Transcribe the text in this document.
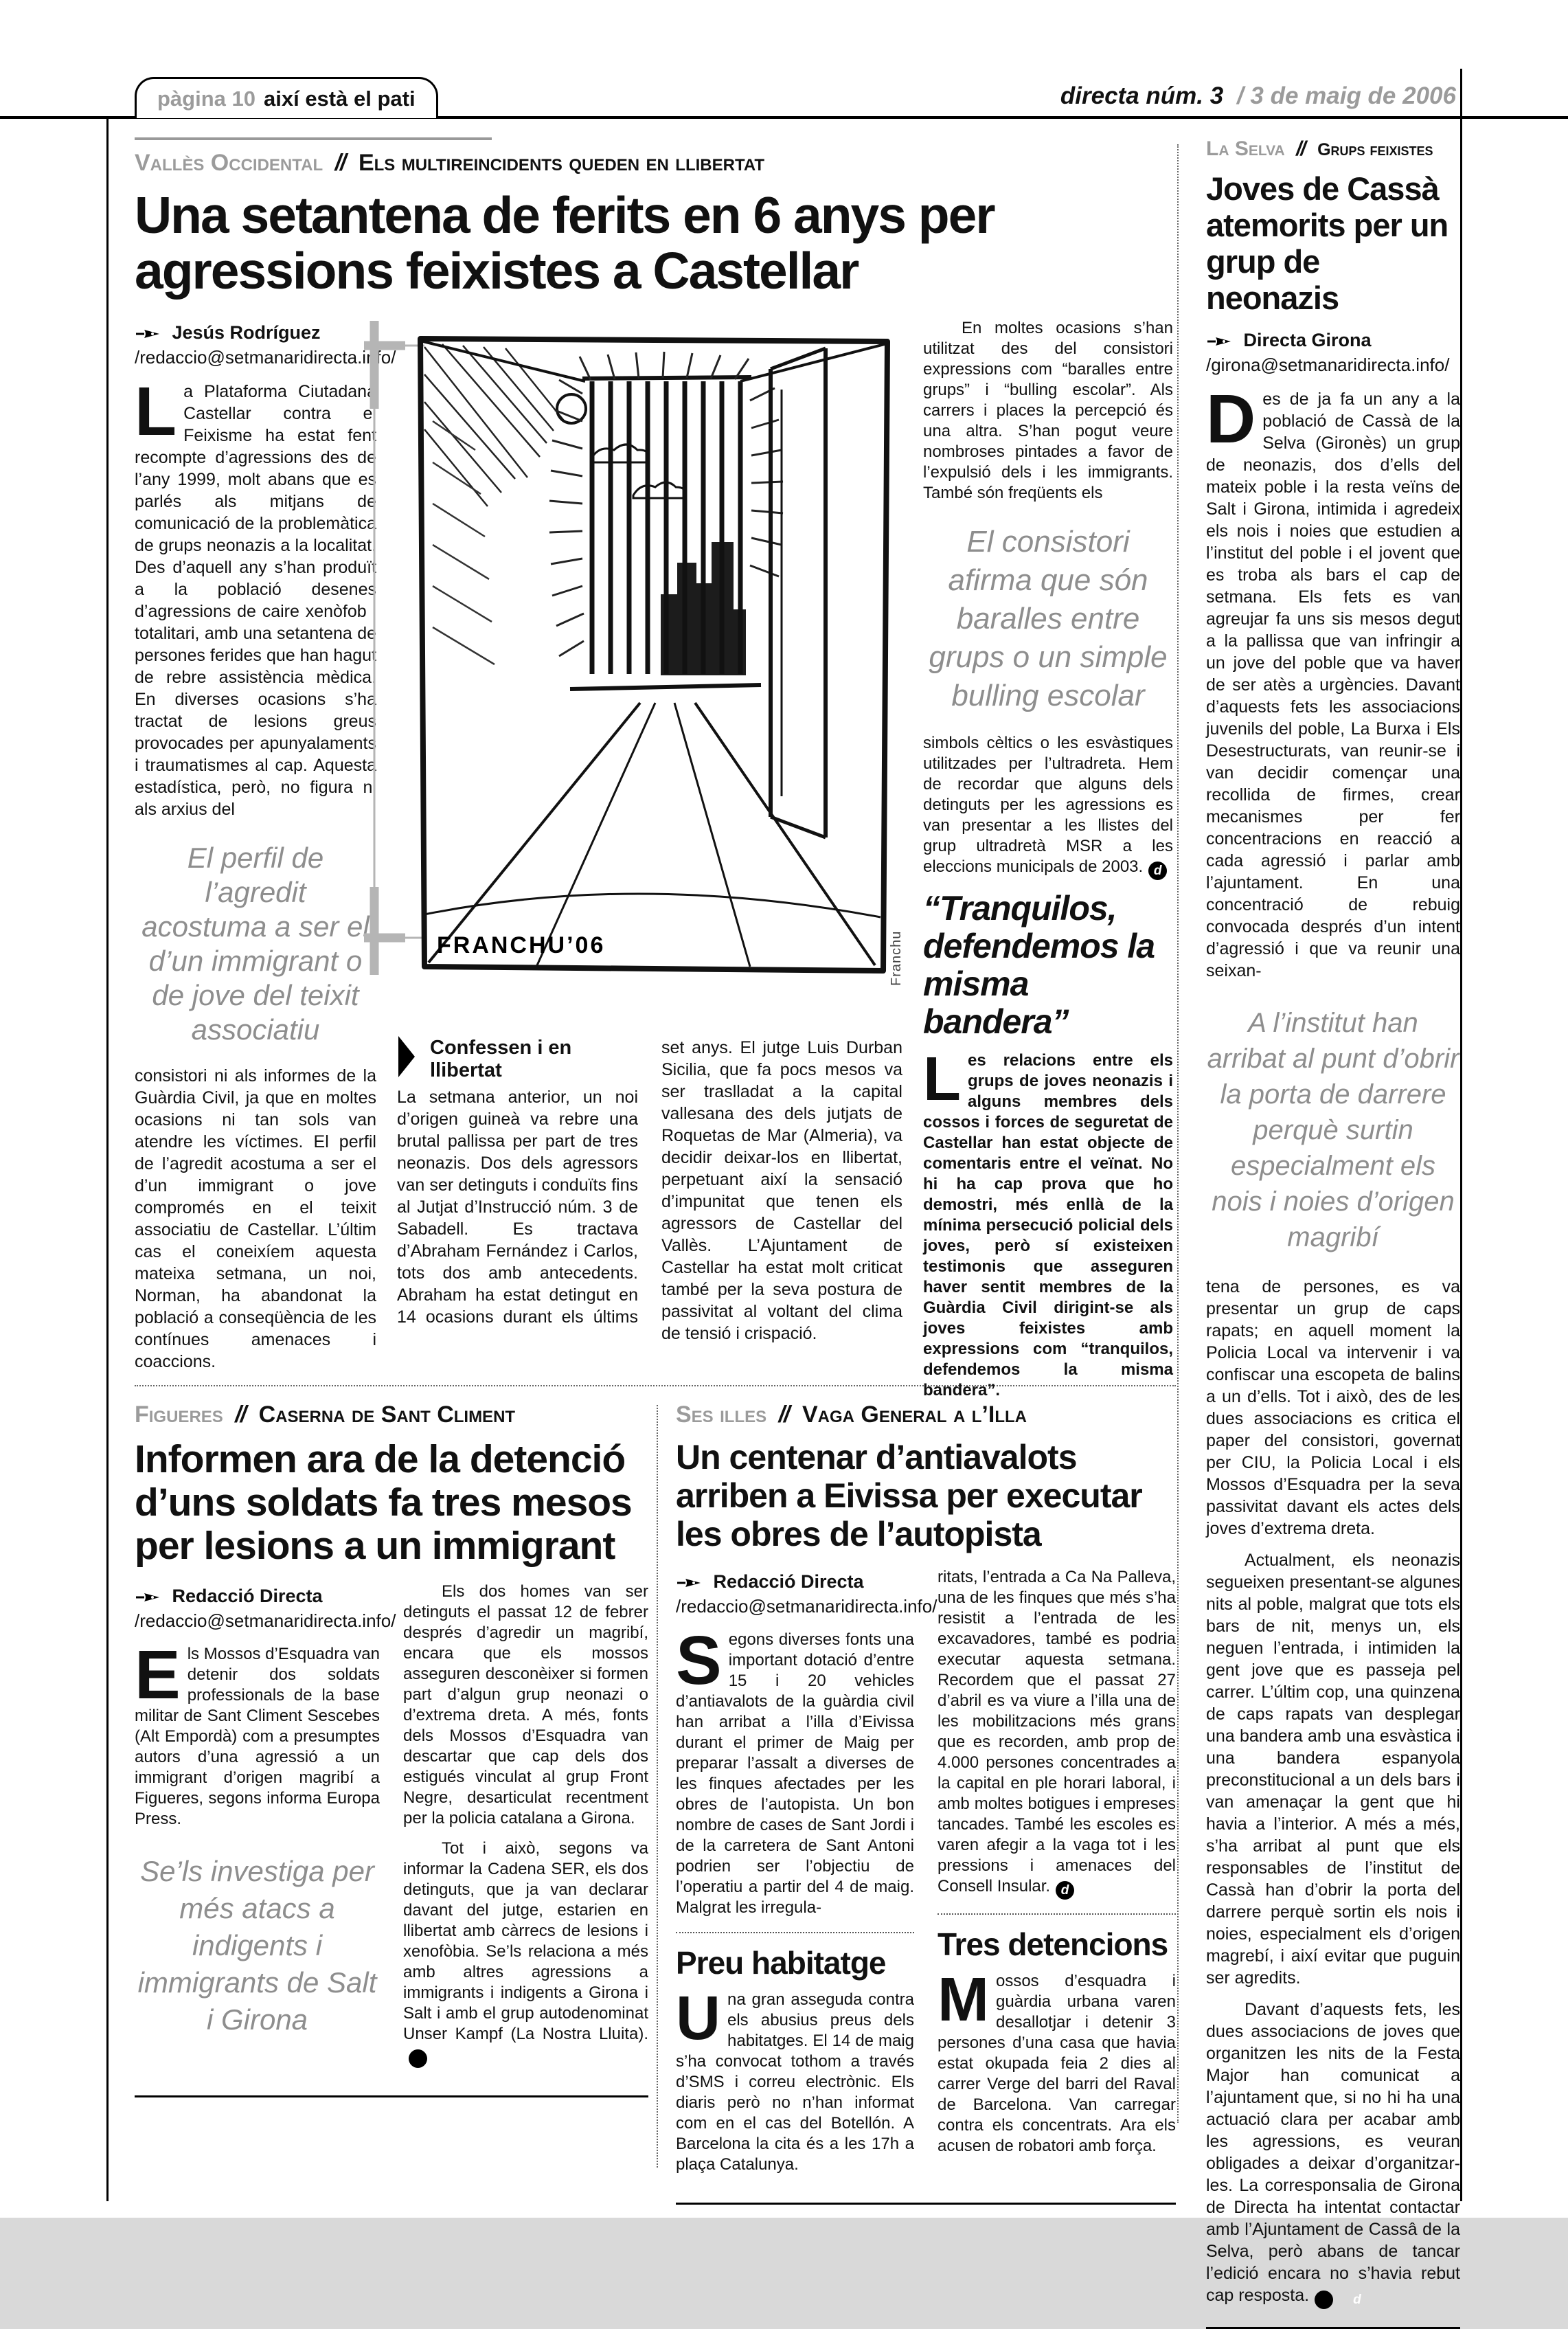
pàgina 10 així està el pati	directa núm. 3 / 3 de maig de 2006
Vallès Occidental // Els multireincidents queden en llibertat
Una setantena de ferits en 6 anys per agressions feixistes a Castellar
Jesús Rodríguez
/redaccio@setmanaridirecta.info/

La Plataforma Ciutadana Castellar contra el Feixisme ha estat fent recompte d’agressions des de l’any 1999, molt abans que es parlés als mitjans de comunicació de la problemàtica de grups neonazis a la localitat. Des d’aquell any s’han produït a la població desenes d’agressions de caire xenòfob i totalitari, amb una setantena de persones ferides que han hagut de rebre assistència mèdica. En diverses ocasions s’ha tractat de lesions greus provocades per apunyalaments i traumatismes al cap. Aquesta estadística, però, no figura ni als arxius del

El perfil de l’agredit acostuma a ser el d’un immigrant o de jove del teixit associatiu

consistori ni als informes de la Guàrdia Civil, ja que en moltes ocasions ni tan sols van atendre les víctimes. El perfil de l’agredit acostuma a ser el d’un immigrant o jove compromés en el teixit associatiu de Castellar. L’últim cas el coneixíem aquesta mateixa setmana, un noi, Norman, ha abandonat la població a conseqüència de les contínues amenaces i coaccions.

FRANCHU’06	Franchu
Confessen i en llibertat

La setmana anterior, un noi d’origen guineà va rebre una brutal pallissa per part de tres neonazis. Dos dels agressors van ser detinguts i conduïts fins al Jutjat d’Instrucció núm. 3 de Sabadell. Es tractava d’Abraham Fernández i Carlos, tots dos amb antecedents. Abraham ha estat detingut en 14 ocasions durant els últims set anys. El jutge Luis Durban Sicilia, que fa pocs mesos va ser traslladat a la capital vallesana des dels jutjats de Roquetas de Mar (Almeria), va decidir deixar-los en llibertat, perpetuant així la sensació d’impunitat que tenen els agressors de Castellar del Vallès. L’Ajuntament de Castellar ha estat molt criticat també per la seva postura de passivitat al voltant del clima de tensió i crispació.

En moltes ocasions s’han utilitzat des del consistori expressions com “baralles entre grups” i “bulling escolar”. Als carrers i places la percepció és una altra. S’han pogut veure nombroses pintades a favor de l’expulsió dels i les immigrants. També són freqüents els

El consistori afirma que són baralles entre grups o un simple bulling escolar

simbols cèltics o les esvàstiques utilitzades per l’ultradreta. Hem de recordar que alguns dels detinguts per les agressions es van presentar a les llistes del grup ultradretà MSR a les eleccions municipals de 2003. d

“Tranquilos, defendemos la misma bandera”

Les relacions entre els grups de joves neonazis i alguns membres dels cossos i forces de seguretat de Castellar han estat objecte de comentaris entre el veïnat. No hi ha cap prova que ho demostri, més enllà de la mínima persecució policial dels joves, però sí existeixen testimonis que asseguren haver sentit membres de la Guàrdia Civil dirigint-se als joves feixistes amb expressions com “tranquilos, defendemos la misma bandera”.

La Selva // Grups feixistes
Joves de Cassà atemorits per un grup de neonazis
Directa Girona
/girona@setmanaridirecta.info/

Des de ja fa un any a la població de Cassà de la Selva (Gironès) un grup de neonazis, dos d’ells del mateix poble i la resta veïns de Salt i Girona, intimida i agredeix els nois i noies que estudien a l’institut del poble i el jovent que es troba als bars el cap de setmana. Els fets es van agreujar fa uns sis mesos degut a la pallissa que van infringir a un jove del poble que va haver de ser atès a urgències. Davant d’aquests fets les associacions juvenils del poble, La Burxa i Els Desestructurats, van reunir-se i van decidir començar una recollida de firmes, crear mecanismes per fer concentracions en reacció a cada agressió i parlar amb l’ajuntament. En una concentració de rebuig convocada després d’un intent d’agressió i que va reunir una seixan-

A l’institut han arribat al punt d’obrir la porta de darrere perquè surtin especialment els nois i noies d’origen magribí

tena de persones, es va presentar un grup de caps rapats; en aquell moment la Policia Local va intervenir i va confiscar una escopeta de balins a un d’ells. Tot i això, des de les dues associacions es critica el paper del consistori, governat per CIU, la Policia Local i els Mossos d’Esquadra per la seva passivitat davant els actes dels joves d’extrema dreta.

Actualment, els neonazis segueixen presentant-se algunes nits al poble, malgrat que tots els bars de nit, menys un, els neguen l’entrada, i intimiden la gent jove que es passeja pel carrer. L’últim cop, una quinzena de caps rapats van desplegar una bandera amb una esvàstica i una bandera espanyola preconstitucional a un dels bars i van amenaçar la gent que hi havia a l’interior. A més a més, s’ha arribat al punt que els responsables de l’institut de Cassà han d’obrir la porta del darrere perquè sortin els nois i noies, especialment els d’origen magrebí, i així evitar que puguin ser agredits.

Davant d’aquests fets, les dues associacions de joves que organitzen les nits de la Festa Major han comunicat a l’ajuntament que, si no hi ha una actuació clara per acabar amb les agressions, es veuran obligades a deixar d’organitzar-les. La corresponsalia de Girona de Directa ha intentat contactar amb l’Ajuntament de Cassâ de la Selva, però abans de tancar l’edició encara no s’havia rebut cap resposta.	d

Figueres // Caserna de Sant Climent
Informen ara de la detenció d’uns soldats fa tres mesos per lesions a un immigrant
Redacció Directa
/redaccio@setmanaridirecta.info/

Els Mossos d’Esquadra van detenir dos soldats professionals de la base militar de Sant Climent Sescebes (Alt Empordà) com a presumptes autors d’una agressió a un immigrant d’origen magribí a Figueres, segons informa Europa Press.

Se’ls investiga per més atacs a indigents i immigrants de Salt i Girona

Els dos homes van ser detinguts el passat 12 de febrer després d’agredir un magribí, encara que els mossos asseguren desconèixer si formen part d’algun grup neonazi o d’extrema dreta. A més, fonts dels Mossos d’Esquadra van descartar que cap dels dos estigués vinculat al grup Front Negre, desarticulat recentment per la policia catalana a Girona.

Tot i això, segons va informar la Cadena SER, els dos detinguts, que ja van declarar davant del jutge, estarien en llibertat amb càrrecs de lesions i xenofòbia. Se’ls relaciona a més amb altres agressions a immigrants i indigents a Girona i Salt i amb el grup autodenominat Unser Kampf (La Nostra Lluita).d

Ses illes // Vaga General a l’Illa
Un centenar d’antiavalots arriben a Eivissa per executar les obres de l’autopista
Redacció Directa
/redaccio@setmanaridirecta.info/

Segons diverses fonts una important dotació d’entre 15 i 20 vehicles d’antiavalots de la guàrdia civil han arribat a l’illa d’Eivissa durant el primer de Maig per preparar l’assalt a diverses de les finques afectades per les obres de l’autopista. Un bon nombre de cases de Sant Jordi i de la carretera de Sant Antoni podrien ser l’objectiu de l’operatiu a partir del 4 de maig. Malgrat les irregula-

Preu habitatge

Una gran asseguda contra els abusius preus dels habitatges. El 14 de maig s’ha convocat tothom a través d’SMS i correu electrònic. Els diaris però no n’han informat com en el cas del Botellón. A Barcelona la cita és a les 17h a plaça Catalunya.

ritats, l’entrada a Ca Na Palleva, una de les finques que més s’ha resistit a l’entrada de les excavadores, també es podria executar aquesta setmana. Recordem que el passat 27 d’abril es va viure a l’illa una de les mobilitzacions més grans que es recorden, amb prop de 4.000 persones concentrades a la capital en ple horari laboral, i amb moltes botigues i empreses tancades. També les escoles es varen afegir a la vaga tot i les pressions i amenaces del Consell Insular. d

Tres detencions

Mossos d’esquadra i guàrdia urbana varen desallotjar i detenir 3 persones d’una casa que havia estat okupada feia 2 dies al carrer Verge del barri del Raval de Barcelona. Van carregar contra els concentrats. Ara els acusen de robatori amb força.
